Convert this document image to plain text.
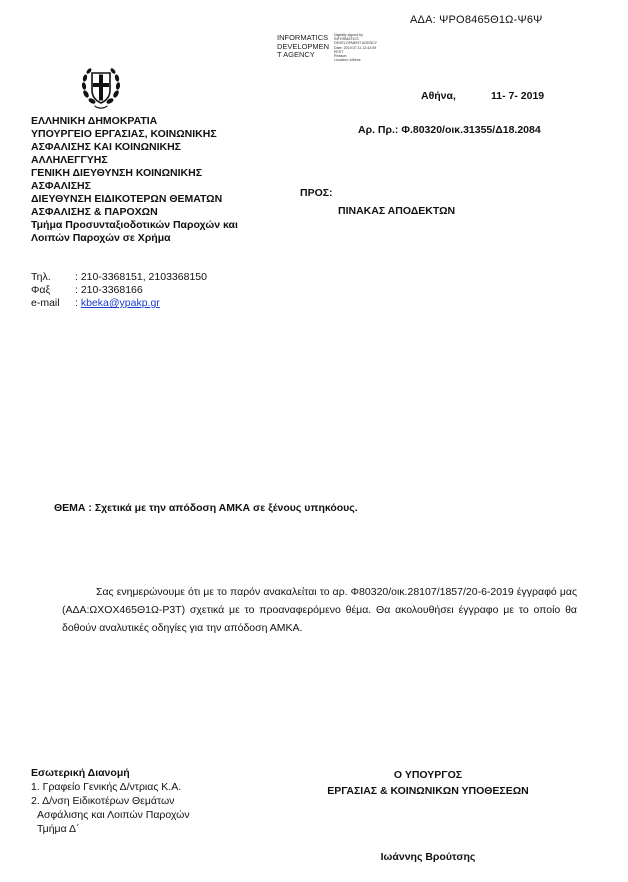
ΑΔΑ: ΨΡΟ8465Θ1Ω-Ψ6Ψ
INFORMATICS
DEVELOPMEN
T AGENCY
Digitally signed by
INFORMATICS
DEVELOPMENT AGENCY
Date: 2019.07.11 13:42:59
EEST
Reason:
Location: Athens
Αθήνα,	11- 7- 2019
Αρ. Πρ.: Φ.80320/οικ.31355/Δ18.2084
ΕΛΛΗΝΙΚΗ ΔΗΜΟΚΡΑΤΙΑ
ΥΠΟΥΡΓΕΙΟ ΕΡΓΑΣΙΑΣ, ΚΟΙΝΩΝΙΚΗΣ
ΑΣΦΑΛΙΣΗΣ ΚΑΙ ΚΟΙΝΩΝΙΚΗΣ
ΑΛΛΗΛΕΓΓΥΗΣ
ΓΕΝΙΚΗ ΔΙΕΥΘΥΝΣΗ ΚΟΙΝΩΝΙΚΗΣ
ΑΣΦΑΛΙΣΗΣ
ΔΙΕΥΘΥΝΣΗ ΕΙΔΙΚΟΤΕΡΩΝ ΘΕΜΑΤΩΝ
ΑΣΦΑΛΙΣΗΣ & ΠΑΡΟΧΩΝ
Τμήμα Προσυνταξιοδοτικών Παροχών και
Λοιπών Παροχών σε Χρήμα
Τηλ. : 210-3368151, 2103368150
Φαξ : 210-3368166
e-mail : kbeka@ypakp.gr
ΠΡΟΣ:
ΠΙΝΑΚΑΣ ΑΠΟΔΕΚΤΩΝ
ΘΕΜΑ : Σχετικά με την απόδοση ΑΜΚΑ σε ξένους υπηκόους.
Σας ενημερώνουμε ότι με το παρόν ανακαλείται το αρ. Φ80320/οικ.28107/1857/20-6-2019 έγγραφό μας (ΑΔΑ:ΩΧΟΧ465Θ1Ω-Ρ3Τ) σχετικά με το προαναφερόμενο θέμα. Θα ακολουθήσει έγγραφο με το οποίο θα δοθούν αναλυτικές οδηγίες για την απόδοση ΑΜΚΑ.
Εσωτερική Διανομή
1. Γραφείο Γενικής Δ/ντριας Κ.Α.
2. Δ/νση Ειδικοτέρων Θεμάτων
Ασφάλισης και Λοιπών Παροχών
Τμήμα Δ΄
Ο ΥΠΟΥΡΓΟΣ
ΕΡΓΑΣΙΑΣ & ΚΟΙΝΩΝΙΚΩΝ ΥΠΟΘΕΣΕΩΝ
Ιωάννης Βρούτσης
